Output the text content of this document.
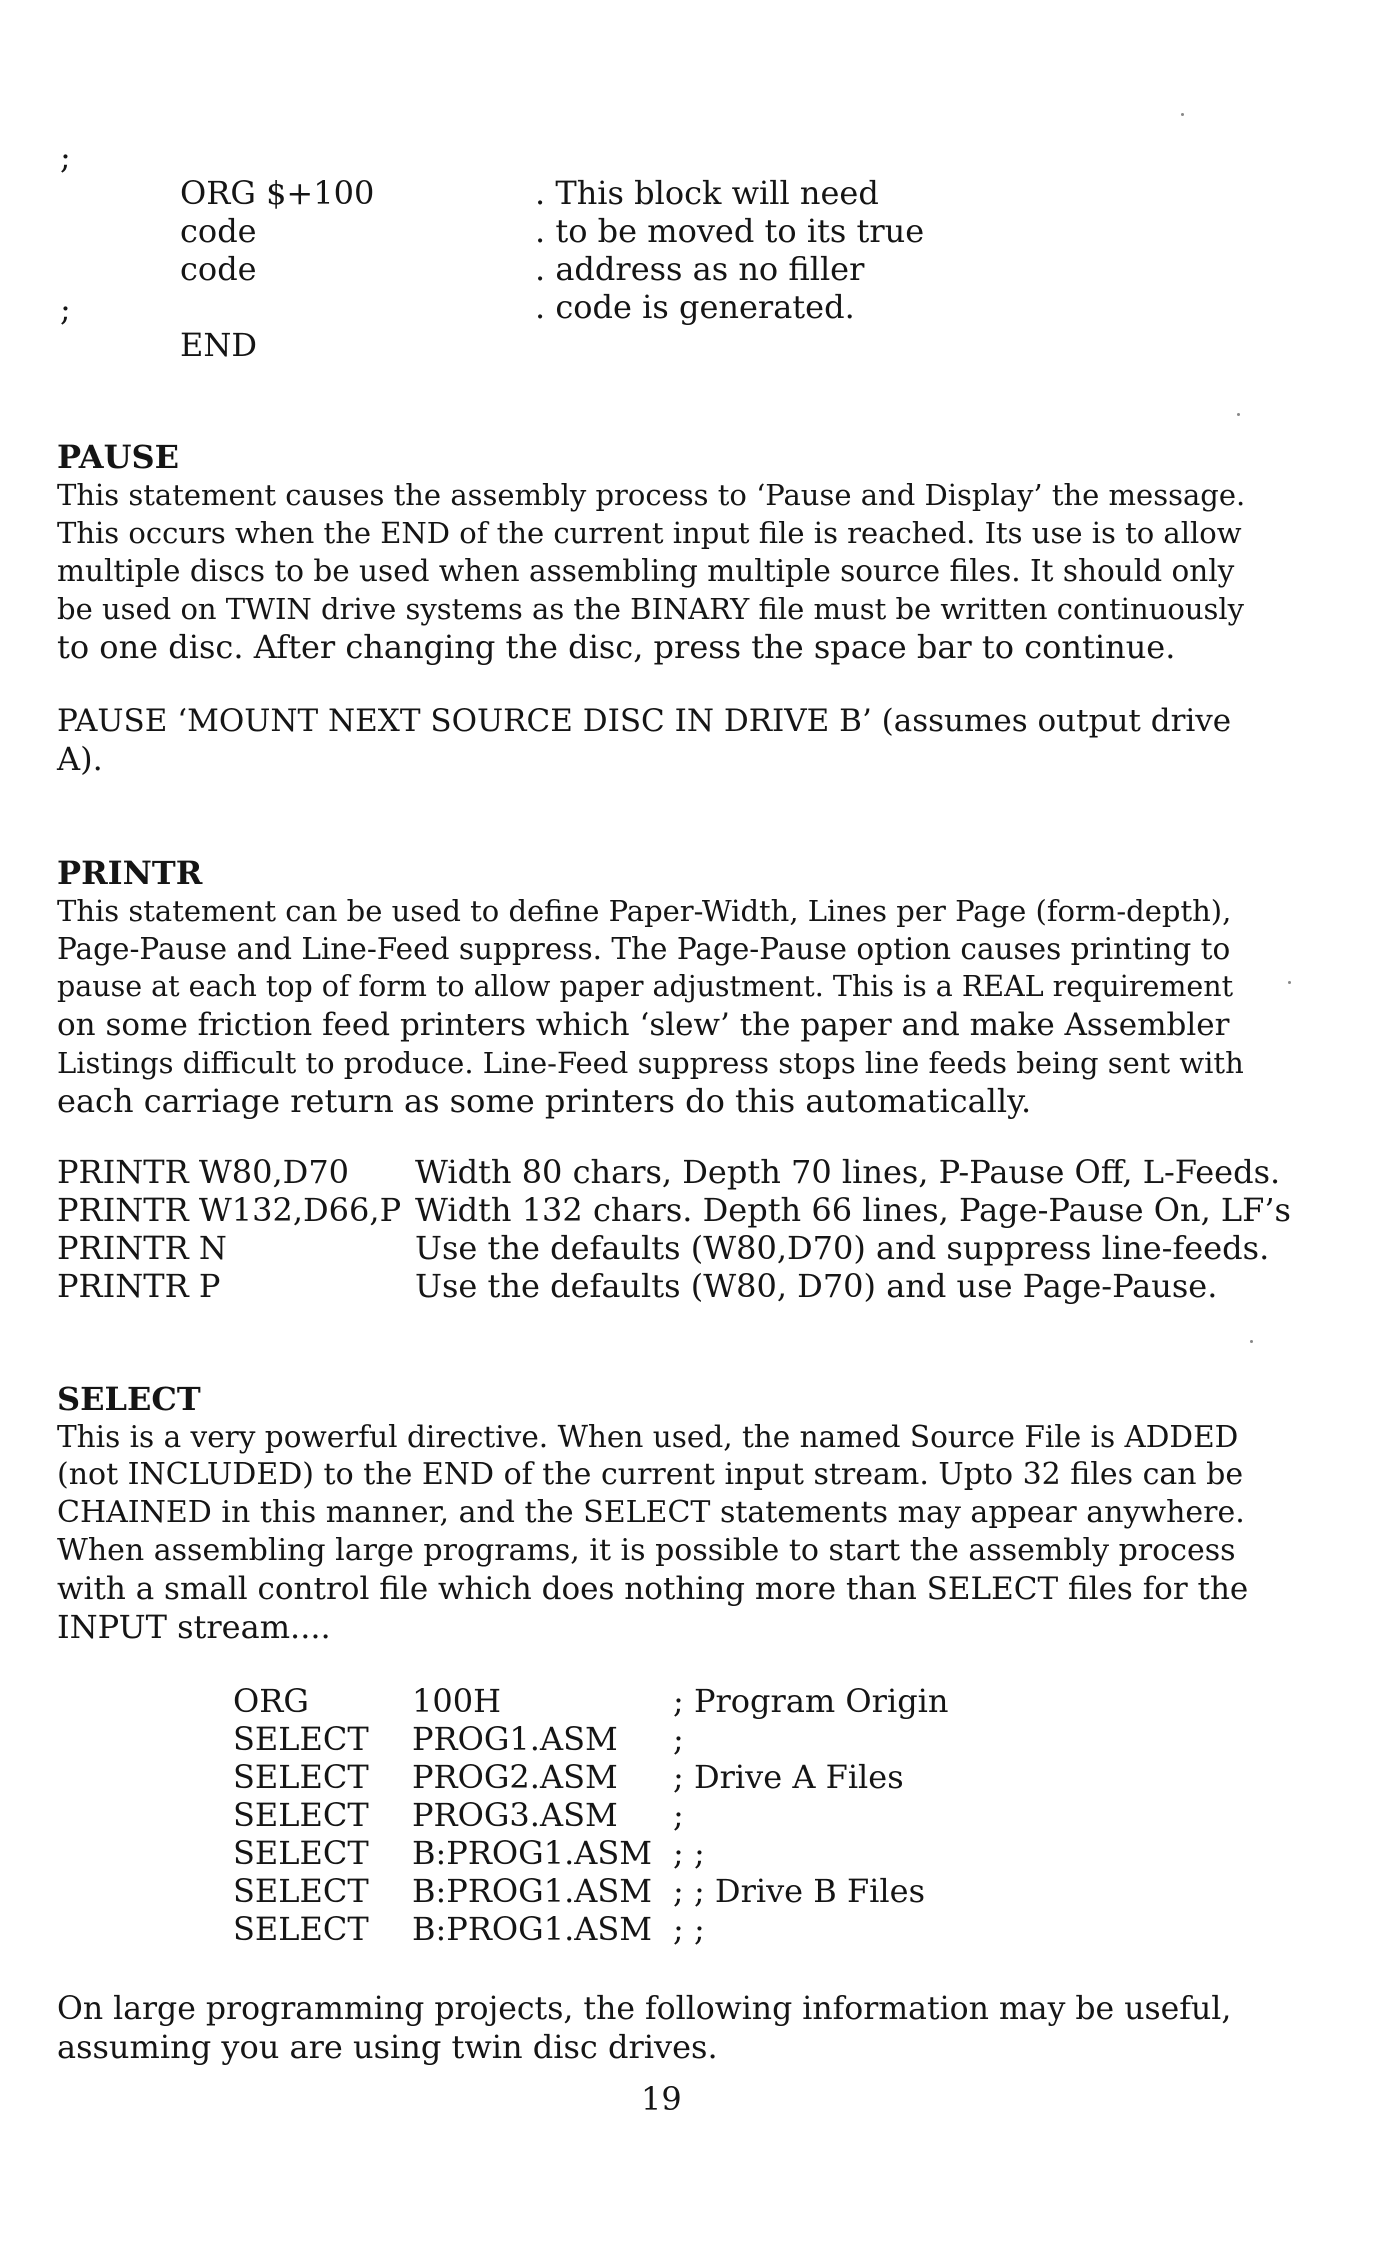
;
;
ORG $+100
code
code
END
. This block will need
. to be moved to its true
. address as no filler
. code is generated.
PAUSE
This statement causes the assembly process to ‘Pause and Display’ the message.
This occurs when the END of the current input file is reached. Its use is to allow
multiple discs to be used when assembling multiple source files. It should only
be used on TWIN drive systems as the BINARY file must be written continuously
to one disc. After changing the disc, press the space bar to continue.
PAUSE ‘MOUNT NEXT SOURCE DISC IN DRIVE B’ (assumes output drive
A).
PRINTR
This statement can be used to define Paper-Width, Lines per Page (form-depth),
Page-Pause and Line-Feed suppress. The Page-Pause option causes printing to
pause at each top of form to allow paper adjustment. This is a REAL requirement
on some friction feed printers which ‘slew’ the paper and make Assembler
Listings difficult to produce. Line-Feed suppress stops line feeds being sent with
each carriage return as some printers do this automatically.
PRINTR W80,D70
PRINTR W132,D66,P
PRINTR N
PRINTR P
Width 80 chars, Depth 70 lines, P-Pause Off, L-Feeds.
Width 132 chars. Depth 66 lines, Page-Pause On, LF’s
Use the defaults (W80,D70) and suppress line-feeds.
Use the defaults (W80, D70) and use Page-Pause.
SELECT
This is a very powerful directive. When used, the named Source File is ADDED
(not INCLUDED) to the END of the current input stream. Upto 32 files can be
CHAINED in this manner, and the SELECT statements may appear anywhere.
When assembling large programs, it is possible to start the assembly process
with a small control file which does nothing more than SELECT files for the
INPUT stream....
ORG
SELECT
SELECT
SELECT
SELECT
SELECT
SELECT
100H
PROG1.ASM
PROG2.ASM
PROG3.ASM
B:PROG1.ASM
B:PROG1.ASM
B:PROG1.ASM
; Program Origin
;
; Drive A Files
;
; ;
; ; Drive B Files
; ;
On large programming projects, the following information may be useful,
assuming you are using twin disc drives.
19
